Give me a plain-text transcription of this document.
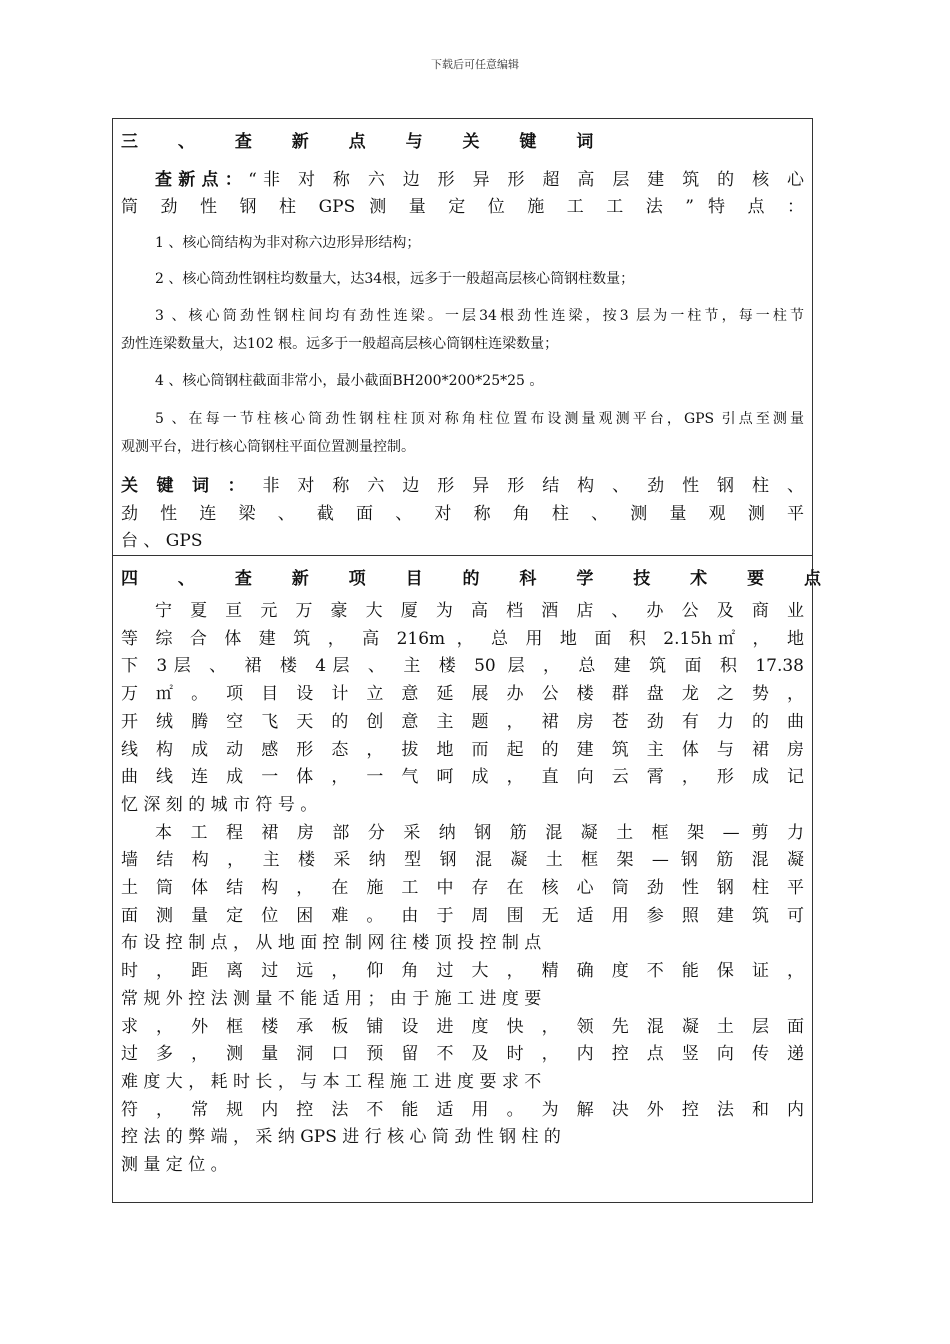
下载后可任意编辑
三 、 查 新 点 与 关 键 词
查新点：“非 对 称 六 边 形 异 形 超 高 层 建 筑 的 核 心
筒 劲 性 钢 柱 GPS 测 量 定 位 施 工 工 法 ” 特 点 ：
1 、核心筒结构为非对称六边形异形结构；
2 、核心筒劲性钢柱均数量大，达34根，远多于一般超高层核心筒钢柱数量；
3 、核心筒劲性钢柱间均有劲性连梁。一层34根劲性连梁，按3 层为一柱节，每一柱节
劲性连梁数量大，达102 根。远多于一般超高层核心筒钢柱连梁数量；
4 、核心筒钢柱截面非常小，最小截面BH200*200*25*25 。
5 、在每一节柱核心筒劲性钢柱柱顶对称角柱位置布设测量观测平台，GPS 引点至测量
观测平台，进行核心筒钢柱平面位置测量控制。
关 键 词 ： 非 对 称 六 边 形 异 形 结 构 、 劲 性 钢 柱 、
劲 性 连 梁 、 截 面 、 对 称 角 柱 、 测 量 观 测 平
台 、 GPS
四 、 查 新 项 目 的 科 学 技 术 要 点
宁 夏 亘 元 万 豪 大 厦 为 高 档 酒 店 、 办 公 及 商 业
等 综 合 体 建 筑 ， 高 216m ， 总 用 地 面 积 2.15h㎡ ， 地
下 3层 、 裙 楼 4层 、 主 楼 50 层 ， 总 建 筑 面 积 17.38
万 ㎡ 。 项 目 设 计 立 意 延 展 办 公 楼 群 盘 龙 之 势 ，
开 绒 腾 空 飞 天 的 创 意 主 题 ， 裙 房 苍 劲 有 力 的 曲
线 构 成 动 感 形 态 ， 拔 地 而 起 的 建 筑 主 体 与 裙 房
曲 线 连 成 一 体 ， 一 气 呵 成 ， 直 向 云 霄 ， 形 成 记
忆 深 刻 的 城 市 符 号 。
本 工 程 裙 房 部 分 采 纳 钢 筋 混 凝 土 框 架 — 剪 力
墙 结 构 ， 主 楼 采 纳 型 钢 混 凝 土 框 架 — 钢 筋 混 凝
土 筒 体 结 构 ， 在 施 工 中 存 在 核 心 筒 劲 性 钢 柱 平
面 测 量 定 位 困 难 。 由 于 周 围 无 适 用 参 照 建 筑 可
布 设 控 制 点 ， 从 地 面 控 制 网 往 楼 顶 投 控 制 点
时 ， 距 离 过 远 ， 仰 角 过 大 ， 精 确 度 不 能 保 证 ，
常 规 外 控 法 测 量 不 能 适 用 ； 由 于 施 工 进 度 要
求 ， 外 框 楼 承 板 铺 设 进 度 快 ， 领 先 混 凝 土 层 面
过 多 ， 测 量 洞 口 预 留 不 及 时 ， 内 控 点 竖 向 传 递
难 度 大 ， 耗 时 长 ， 与 本 工 程 施 工 进 度 要 求 不
符 ， 常 规 内 控 法 不 能 适 用 。 为 解 决 外 控 法 和 内
控 法 的 弊 端 ， 采 纳 GPS 进 行 核 心 筒 劲 性 钢 柱 的
测 量 定 位 。
